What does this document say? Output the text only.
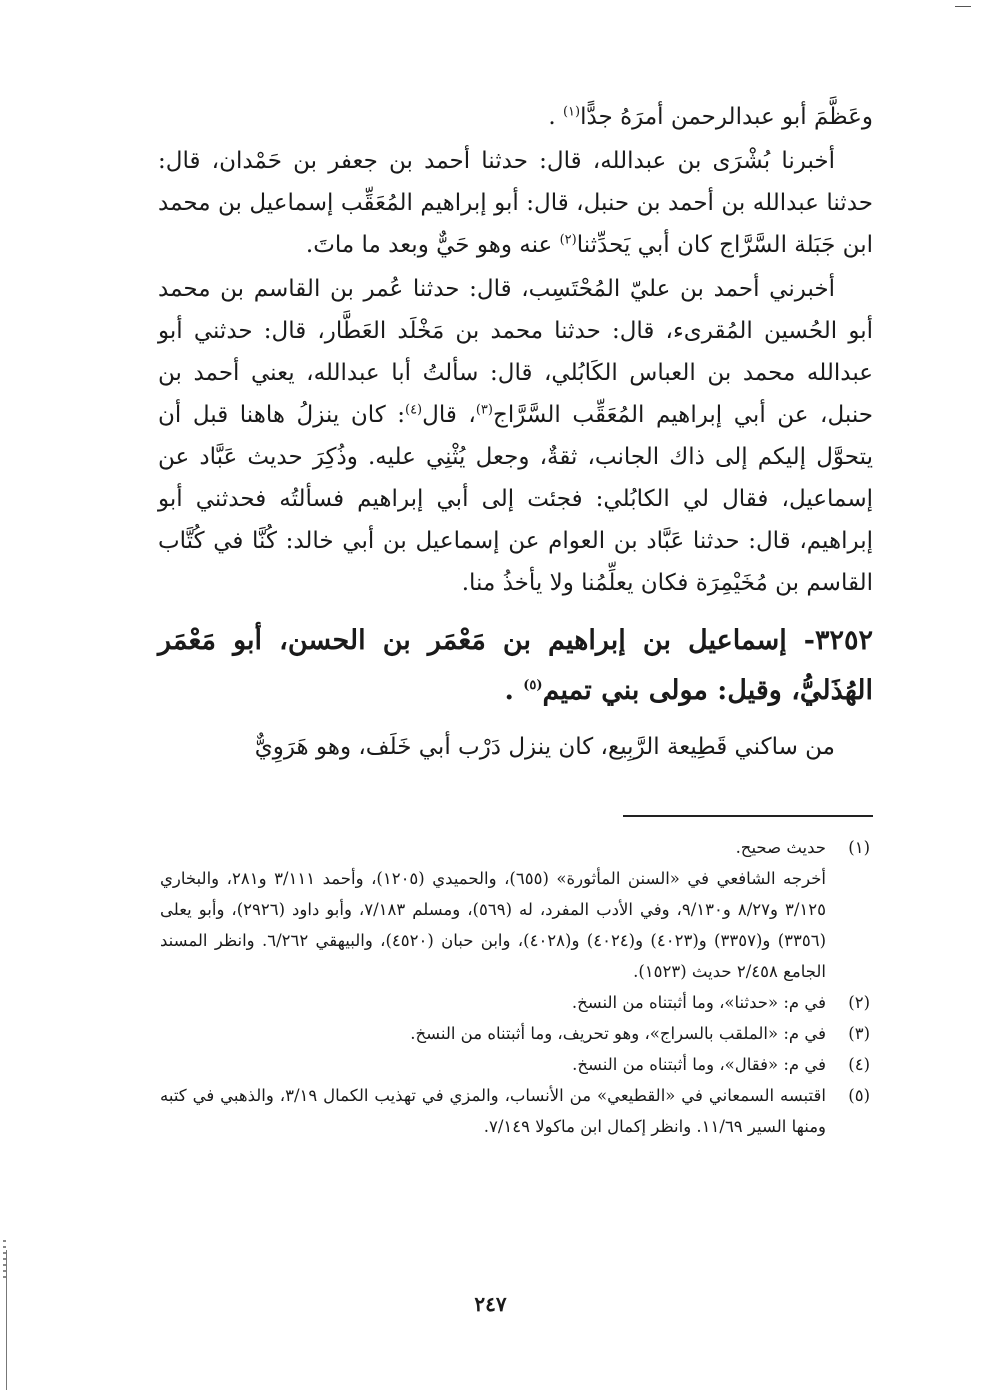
وعَظَّمَ أبو عبدالرحمن أمرَهُ جدًّا$^{(١)}$ .

أخبرنا بُشْرَى بن عبدالله، قال: حدثنا أحمد بن جعفر بن حَمْدان، قال: حدثنا عبدالله بن أحمد بن حنبل، قال: أبو إبراهيم المُعَقِّب إسماعيل بن محمد ابن جَبَلة السَّرَّاج كان أبي يَحدِّثنا$^{(٢)}$ عنه وهو حَيٌّ وبعد ما ماتَ.

أخبرني أحمد بن عليّ المُحْتَسِب، قال: حدثنا عُمر بن القاسم بن محمد أبو الحُسين المُقرىء، قال: حدثنا محمد بن مَخْلَد العَطَّار، قال: حدثني أبو عبدالله محمد بن العباس الكَابُلي، قال: سألتُ أبا عبدالله، يعني أحمد بن حنبل، عن أبي إبراهيم المُعَقِّب السَّرَّاج$^{(٣)}$، قال$^{(٤)}$: كان ينزلُ هاهنا قبل أن يتحوَّل إليكم إلى ذاك الجانب، ثقةٌ، وجعل يُثْنِي عليه. وذُكِرَ حديث عَبَّاد عن إسماعيل، فقال لي الكابُلي: فجئت إلى أبي إبراهيم فسألتُه فحدثني أبو إبراهيم، قال: حدثنا عَبَّاد بن العوام عن إسماعيل بن أبي خالد: كُنَّا في كُتَّاب القاسم بن مُخَيْمِرَة فكان يعلِّمُنا ولا يأخذُ منا.

٣٢٥٢- إسماعيل بن إبراهيم بن مَعْمَر بن الحسن، أبو مَعْمَر الهُذَليُّ، وقيل: مولى بني تميم$^{(٥)}$ .

من ساكني قَطِيعة الرَّبِيع، كان ينزل دَرْب أبي خَلَف، وهو هَرَوِيٌّ

(١)

حديث صحيح.

أخرجه الشافعي في «السنن المأثورة» (٦٥٥)، والحميدي (١٢٠٥)، وأحمد ٣/١١١ و٢٨١، والبخاري ٣/١٢٥ و٨/٢٧ و٩/١٣٠، وفي الأدب المفرد، له (٥٦٩)، ومسلم ٧/١٨٣، وأبو داود (٢٩٢٦)، وأبو يعلى (٣٣٥٦) و(٣٣٥٧) و(٤٠٢٣) و(٤٠٢٤) و(٤٠٢٨)، وابن حبان (٤٥٢٠)، والبيهقي ٦/٢٦٢. وانظر المسند الجامع ٢/٤٥٨ حديث (١٥٢٣).

(٢)

في م: «حدثنا»، وما أثبتناه من النسخ.

(٣)

في م: «الملقب بالسراج»، وهو تحريف، وما أثبتناه من النسخ.

(٤)

في م: «فقال»، وما أثبتناه من النسخ.

(٥)

اقتبسه السمعاني في «القطيعي» من الأنساب، والمزي في تهذيب الكمال ٣/١٩، والذهبي في كتبه ومنها السير ١١/٦٩. وانظر إكمال ابن ماكولا ٧/١٤٩.

٢٤٧
